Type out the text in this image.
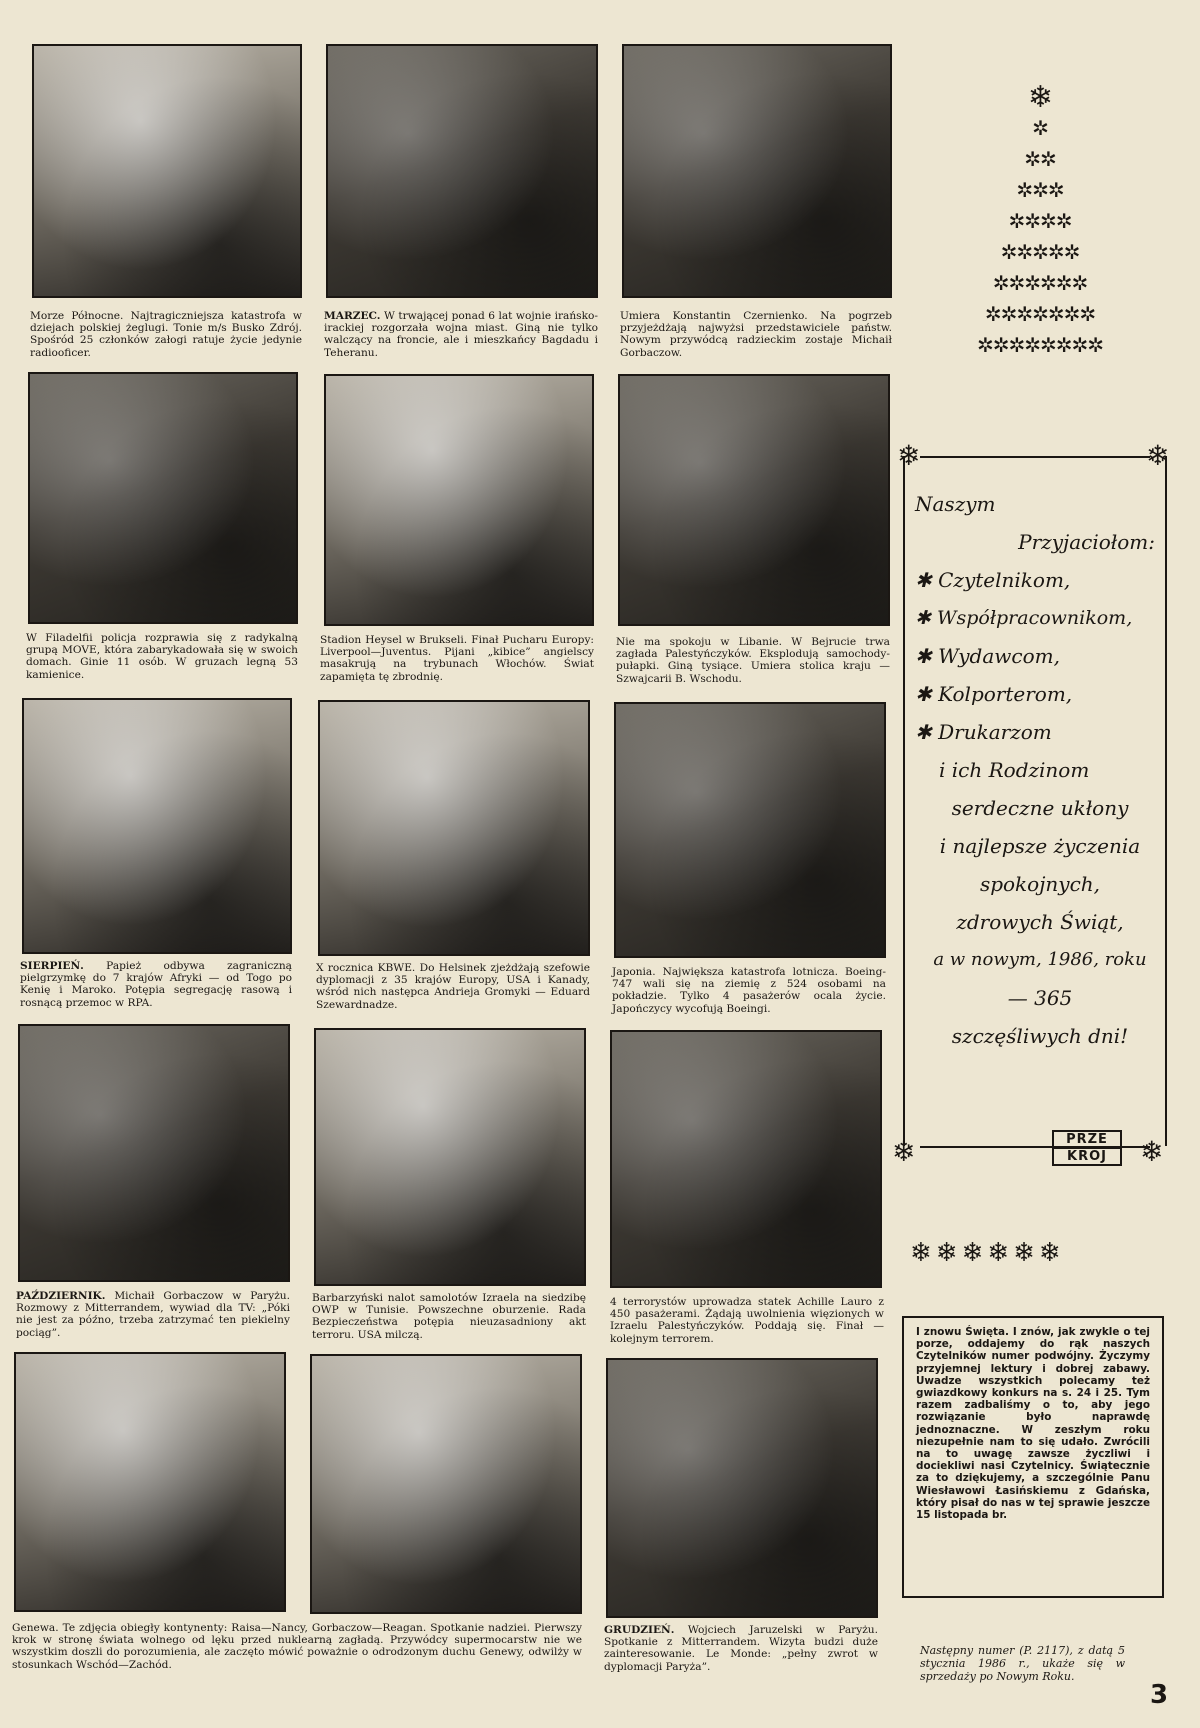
Morze Północne. Najtragiczniejsza katastrofa w dziejach polskiej żeglugi. Tonie m/s Busko Zdrój. Spośród 25 członków załogi ratuje życie jedynie radiooficer.

MARZEC. W trwającej ponad 6 lat wojnie irańsko-irackiej rozgorzała wojna miast. Giną nie tylko walczący na froncie, ale i mieszkańcy Bagdadu i Teheranu.

Umiera Konstantin Czernienko. Na pogrzeb przyjeżdżają najwyżsi przedstawiciele państw. Nowym przywódcą radzieckim zostaje Michaił Gorbaczow.

W Filadelfii policja rozprawia się z radykalną grupą MOVE, która zabarykadowała się w swoich domach. Ginie 11 osób. W gruzach legną 53 kamienice.

Stadion Heysel w Brukseli. Finał Pucharu Europy: Liverpool—Juventus. Pijani „kibice” angielscy masakrują na trybunach Włochów. Świat zapamięta tę zbrodnię.

Nie ma spokoju w Libanie. W Bejrucie trwa zagłada Palestyńczyków. Eksplodują samochody-pułapki. Giną tysiące. Umiera stolica kraju — Szwajcarii B. Wschodu.

SIERPIEŃ. Papież odbywa zagraniczną pielgrzymkę do 7 krajów Afryki — od Togo po Kenię i Maroko. Potępia segregację rasową i rosnącą przemoc w RPA.

X rocznica KBWE. Do Helsinek zjeżdżają szefowie dyplomacji z 35 krajów Europy, USA i Kanady, wśród nich następca Andrieja Gromyki — Eduard Szewardnadze.

Japonia. Największa katastrofa lotnicza. Boeing-747 wali się na ziemię z 524 osobami na pokładzie. Tylko 4 pasażerów ocala życie. Japończycy wycofują Boeingi.

PAŹDZIERNIK. Michaił Gorbaczow w Paryżu. Rozmowy z Mitterrandem, wywiad dla TV: „Póki nie jest za późno, trzeba zatrzymać ten piekielny pociąg”.

Barbarzyński nalot samolotów Izraela na siedzibę OWP w Tunisie. Powszechne oburzenie. Rada Bezpieczeństwa potępia nieuzasadniony akt terroru. USA milczą.

4 terrorystów uprowadza statek Achille Lauro z 450 pasażerami. Żądają uwolnienia więzionych w Izraelu Palestyńczyków. Poddają się. Finał — kolejnym terrorem.

Genewa. Te zdjęcia obiegły kontynenty: Raisa—Nancy, Gorbaczow—Reagan. Spotkanie nadziei. Pierwszy krok w stronę świata wolnego od lęku przed nuklearną zagładą. Przywódcy supermocarstw nie we wszystkim doszli do porozumienia, ale zaczęto mówić poważnie o odrodzonym duchu Genewy, odwilży w stosunkach Wschód—Zachód.

GRUDZIEŃ. Wojciech Jaruzelski w Paryżu. Spotkanie z Mitterrandem. Wizyta budzi duże zainteresowanie. Le Monde: „pełny zwrot w dyplomacji Paryża”.

❄
✲
✲✲
✲✲✲
✲✲✲✲
✲✲✲✲✲
✲✲✲✲✲✲
✲✲✲✲✲✲✲
✲✲✲✲✲✲✲✲
❄	❄
❄	❄
Naszym
Przyjaciołom:
✱ Czytelnikom,
✱ Współpracownikom,
✱ Wydawcom,
✱ Kolporterom,
✱ Drukarzom
i ich Rodzinom
serdeczne ukłony
i najlepsze życzenia
spokojnych,
zdrowych Świąt,
a w nowym, 1986, roku
— 365
szczęśliwych dni!
PRZE
KRÓJ
❄❄❄❄❄❄
I znowu Święta. I znów, jak zwykle o tej porze, oddajemy do rąk naszych Czytelników numer podwójny. Życzymy przyjemnej lektury i dobrej zabawy. Uwadze wszystkich polecamy też gwiazdkowy konkurs na s. 24 i 25. Tym razem zadbaliśmy o to, aby jego rozwiązanie było naprawdę jednoznaczne. W zeszłym roku niezupełnie nam to się udało. Zwrócili na to uwagę zawsze życzliwi i dociekliwi nasi Czytelnicy. Świątecznie za to dziękujemy, a szczególnie Panu Wiesławowi Łasińskiemu z Gdańska, który pisał do nas w tej sprawie jeszcze 15 listopada br.

Następny numer (P. 2117), z datą 5 stycznia 1986 r., ukaże się w sprzedaży po Nowym Roku.

3
